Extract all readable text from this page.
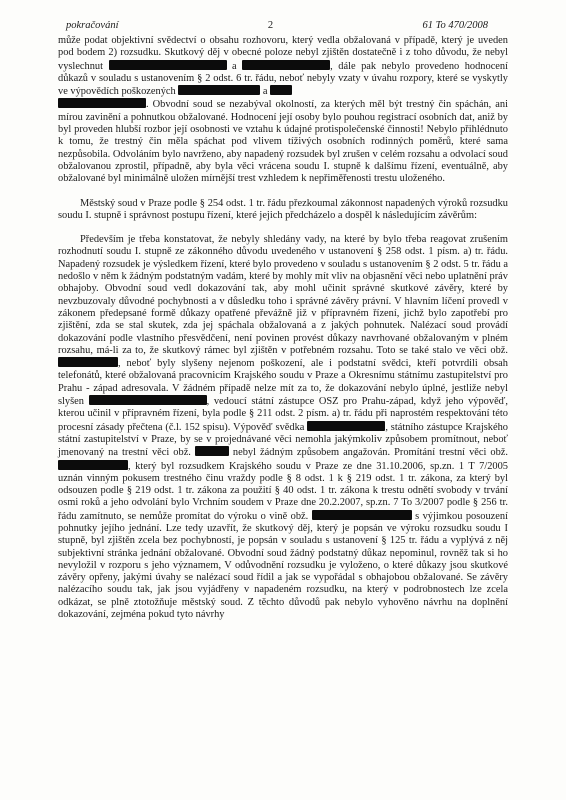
pokračování	2	61 To 470/2008

může podat objektivní svědectví o obsahu rozhovoru, který vedla obžalovaná v případě, který je uveden pod bodem 2) rozsudku. Skutkový děj v obecné poloze nebyl zjištěn dostatečně i z toho důvodu, že nebyl vyslechnut	a	, dále pak nebylo provedeno hodnocení důkazů v souladu s ustanovením § 2 odst. 6 tr. řádu, neboť nebyly vzaty v úvahu rozpory, které se vyskytly ve výpovědích poškozených	a
. Obvodní soud se nezabýval okolností, za kterých měl být trestný čin spáchán, ani mírou zavinění a pohnutkou obžalované. Hodnocení její osoby bylo pouhou registrací osobních dat, aniž by byl proveden hlubší rozbor její osobnosti ve vztahu k údajné protispolečenské činnosti! Nebylo přihlédnuto k tomu, že trestný čin měla spáchat pod vlivem tíživých osobních rodinných poměrů, které sama nezpůsobila. Odvoláním bylo navrženo, aby napadený rozsudek byl zrušen v celém rozsahu a odvolací soud obžalovanou zprostil, případně, aby byla věci vrácena soudu I. stupně k dalšímu řízení, eventuálně, aby obžalované byl minimálně uložen mírnější trest vzhledem k nepřiměřenosti trestu uloženého.

Městský soud v Praze podle § 254 odst. 1 tr. řádu přezkoumal zákonnost napadených výroků rozsudku soudu I. stupně i správnost postupu řízení, které jejich předcházelo a dospěl k následujícím závěrům:

Především je třeba konstatovat, že nebyly shledány vady, na které by bylo třeba reagovat zrušením rozhodnutí soudu I. stupně ze zákonného důvodu uvedeného v ustanovení § 258 odst. 1 písm. a) tr. řádu. Napadený rozsudek je výsledkem řízení, které bylo provedeno v souladu s ustanovením § 2 odst. 5 tr. řádu a nedošlo v něm k žádným podstatným vadám, které by mohly mít vliv na objasnění věci nebo uplatnění práv obhajoby. Obvodní soud vedl dokazování tak, aby mohl učinit správné skutkové závěry, které by nevzbuzovaly důvodné pochybnosti a v důsledku toho i správné závěry právní. V hlavním líčení provedl v zákonem předepsané formě důkazy opatřené převážně již v přípravném řízení, jichž bylo zapotřebí pro zjištění, zda se stal skutek, zda jej spáchala obžalovaná a z jakých pohnutek. Nalézací soud provádí dokazování podle vlastního přesvědčení, není povinen provést důkazy navrhované obžalovaným v plném rozsahu, má-li za to, že skutkový rámec byl zjištěn v potřebném rozsahu. Toto se také stalo ve věci obž. , neboť byly slyšeny nejenom poškození, ale i podstatní svědci, kteří potvrdili obsah telefonátů, které obžalovaná pracovnicím Krajského soudu v Praze a Okresnímu státnímu zastupitelství pro Prahu - západ adresovala. V žádném případě nelze mít za to, že dokazování nebylo úplné, jestliže nebyl slyšen	, vedoucí státní zástupce OSZ pro Prahu-západ, když jeho výpověď, kterou učinil v přípravném řízení, byla podle § 211 odst. 2 písm. a) tr. řádu při naprostém respektování této procesní zásady přečtena (č.l. 152 spisu). Výpověď svědka	, státního zástupce Krajského státní zastupitelství v Praze, by se v projednávané věci nemohla jakýmkoliv způsobem promítnout, neboť jmenovaný na trestní věci obž.	nebyl žádným způsobem angažován. Promítání trestní věci obž. , který byl rozsudkem Krajského soudu v Praze ze dne 31.10.2006, sp.zn. 1 T 7/2005 uznán vinným pokusem trestného činu vraždy podle § 8 odst. 1 k § 219 odst. 1 tr. zákona, za který byl odsouzen podle § 219 odst. 1 tr. zákona za použití § 40 odst. 1 tr. zákona k trestu odnětí svobody v trvání osmi roků a jeho odvolání bylo Vrchním soudem v Praze dne 20.2.2007, sp.zn. 7 To 3/2007 podle § 256 tr. řádu zamítnuto, se nemůže promítat do výroku o vině obž.	s výjimkou posouzení pohnutky jejího jednání. Lze tedy uzavřít, že skutkový děj, který je popsán ve výroku rozsudku soudu I stupně, byl zjištěn zcela bez pochybností, je popsán v souladu s ustanovení § 125 tr. řádu a vyplývá z něj subjektivní stránka jednání obžalované. Obvodní soud žádný podstatný důkaz nepominul, rovněž tak si ho nevyložil v rozporu s jeho významem, V odůvodnění rozsudku je vyloženo, o které důkazy jsou skutkové závěry opřeny, jakými úvahy se nalézací soud řídil a jak se vypořádal s obhajobou obžalované. Se závěry nalézacího soudu tak, jak jsou vyjádřeny v napadeném rozsudku, na který v podrobnostech lze zcela odkázat, se plně ztotožňuje městský soud. Z těchto důvodů pak nebylo vyhověno návrhu na doplnění dokazování, zejména pokud tyto návrhy
